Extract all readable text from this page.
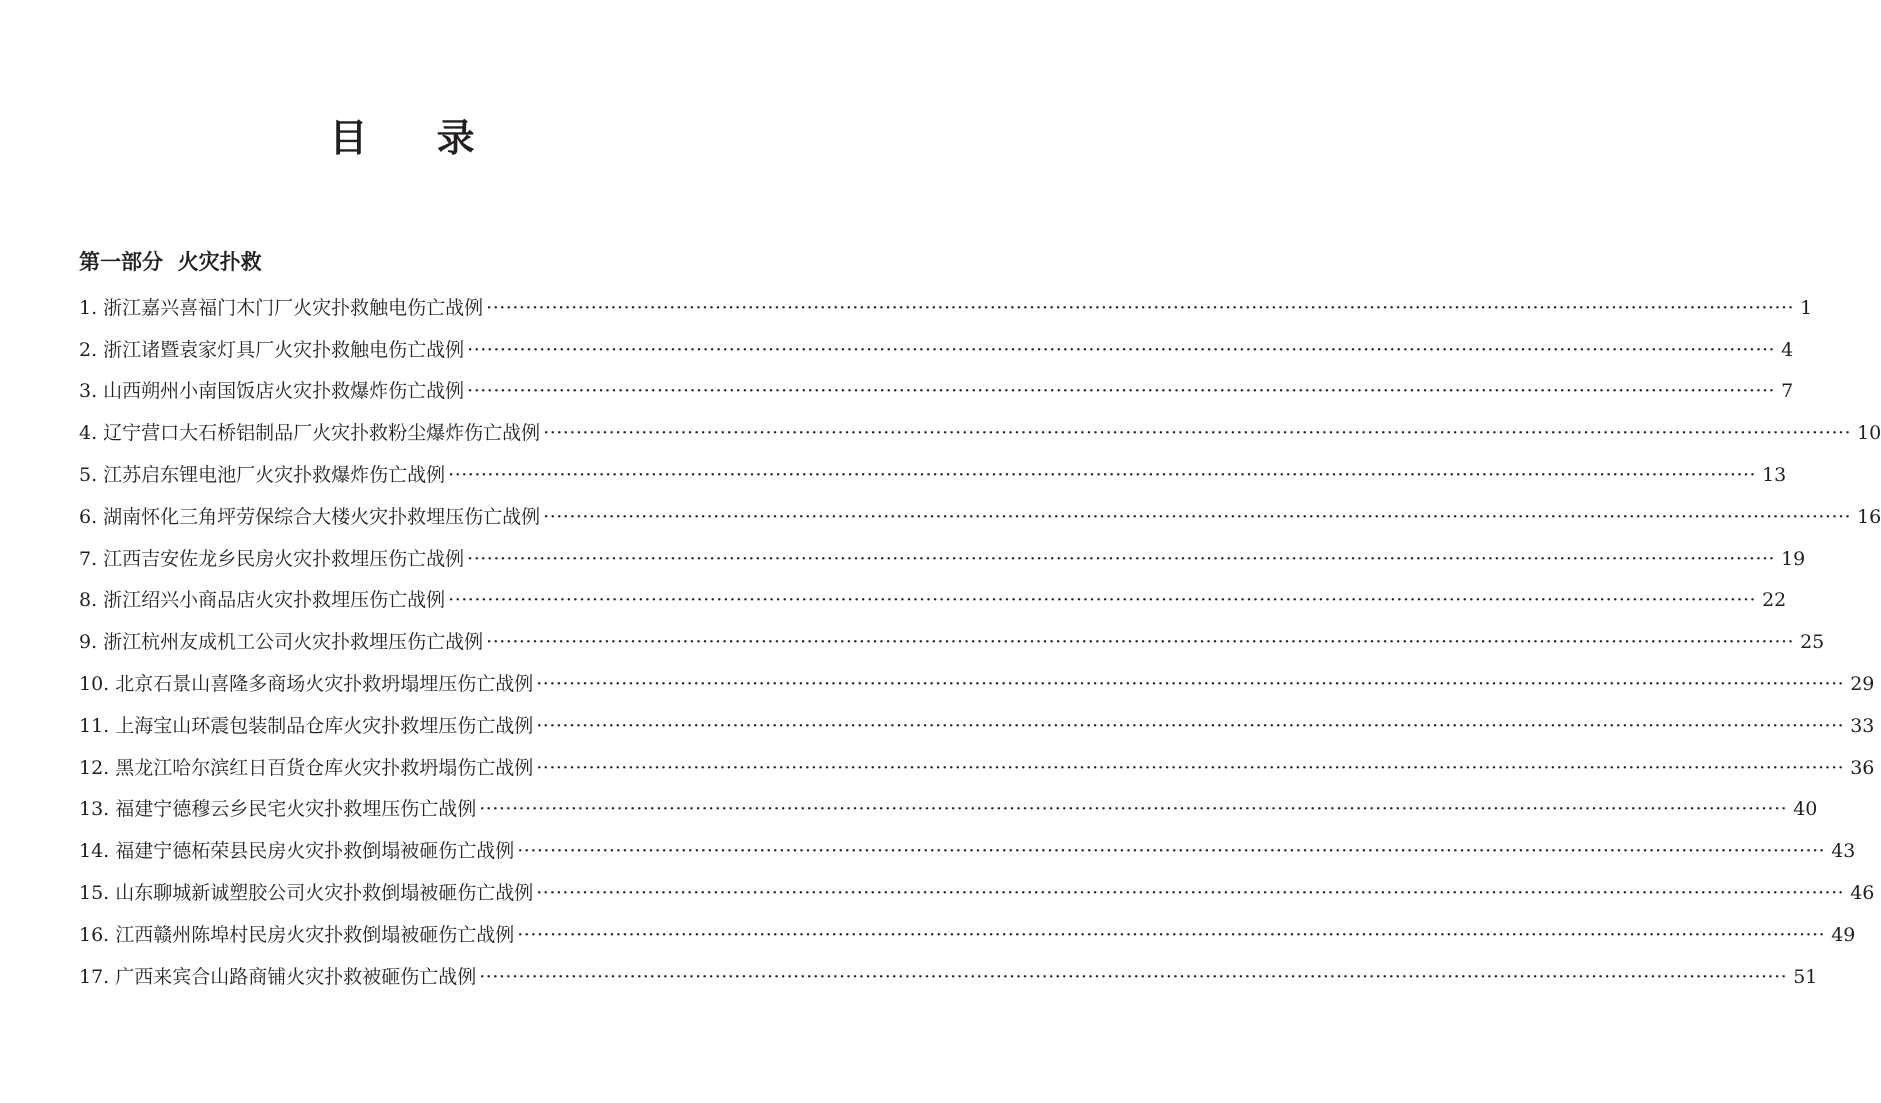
目 录
第一部分  火灾扑救
1. 浙江嘉兴喜福门木门厂火灾扑救触电伤亡战例 ········································································································································································································ 1
2. 浙江诸暨袁家灯具厂火灾扑救触电伤亡战例 ········································································································································································································ 4
3. 山西朔州小南国饭店火灾扑救爆炸伤亡战例 ········································································································································································································ 7
4. 辽宁营口大石桥铝制品厂火灾扑救粉尘爆炸伤亡战例 ········································································································································································································ 10
5. 江苏启东锂电池厂火灾扑救爆炸伤亡战例 ········································································································································································································ 13
6. 湖南怀化三角坪劳保综合大楼火灾扑救埋压伤亡战例 ········································································································································································································ 16
7. 江西吉安佐龙乡民房火灾扑救埋压伤亡战例 ········································································································································································································ 19
8. 浙江绍兴小商品店火灾扑救埋压伤亡战例 ········································································································································································································ 22
9. 浙江杭州友成机工公司火灾扑救埋压伤亡战例 ········································································································································································································ 25
10. 北京石景山喜隆多商场火灾扑救坍塌埋压伤亡战例 ········································································································································································································ 29
11. 上海宝山环震包装制品仓库火灾扑救埋压伤亡战例 ········································································································································································································ 33
12. 黑龙江哈尔滨红日百货仓库火灾扑救坍塌伤亡战例 ········································································································································································································ 36
13. 福建宁德穆云乡民宅火灾扑救埋压伤亡战例 ········································································································································································································ 40
14. 福建宁德柘荣县民房火灾扑救倒塌被砸伤亡战例 ········································································································································································································ 43
15. 山东聊城新诚塑胶公司火灾扑救倒塌被砸伤亡战例 ········································································································································································································ 46
16. 江西赣州陈埠村民房火灾扑救倒塌被砸伤亡战例 ········································································································································································································ 49
17. 广西来宾合山路商铺火灾扑救被砸伤亡战例 ········································································································································································································ 51
